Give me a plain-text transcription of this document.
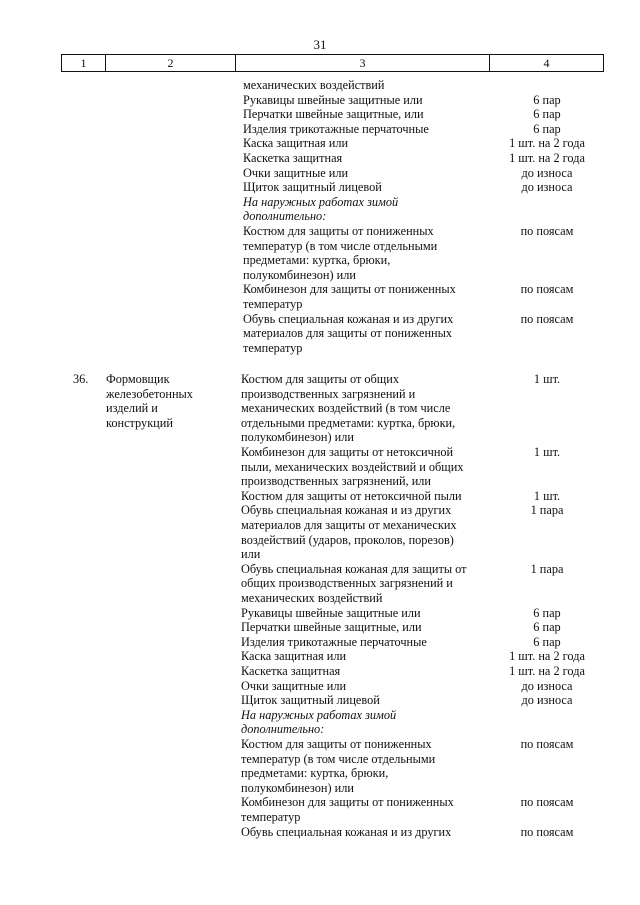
31
1	2	3	4
механических воздействий
Рукавицы швейные защитные или	6 пар
Перчатки швейные защитные, или	6 пар
Изделия трикотажные перчаточные	6 пар
Каска защитная или	1 шт. на 2 года
Каскетка защитная	1 шт. на 2 года
Очки защитные или	до износа
Щиток защитный лицевой	до износа
На наружных работах зимой
дополнительно:
Костюм для защиты от пониженных	по поясам
температур (в том числе отдельными
предметами: куртка, брюки,
полукомбинезон) или
Комбинезон для защиты от пониженных	по поясам
температур
Обувь специальная кожаная и из других	по поясам
материалов для защиты от пониженных
температур
36. Формовщик
железобетонных
изделий и
конструкций
Костюм для защиты от общих	1 шт.
производственных загрязнений и
механических воздействий (в том числе
отдельными предметами: куртка, брюки,
полукомбинезон) или
Комбинезон для защиты от нетоксичной	1 шт.
пыли, механических воздействий и общих
производственных загрязнений, или
Костюм для защиты от нетоксичной пыли	1 шт.
Обувь специальная кожаная и из других	1 пара
материалов для защиты от механических
воздействий (ударов, проколов, порезов)
или
Обувь специальная кожаная для защиты от	1 пара
общих производственных загрязнений и
механических воздействий
Рукавицы швейные защитные или	6 пар
Перчатки швейные защитные, или	6 пар
Изделия трикотажные перчаточные	6 пар
Каска защитная или	1 шт. на 2 года
Каскетка защитная	1 шт. на 2 года
Очки защитные или	до износа
Щиток защитный лицевой	до износа
На наружных работах зимой
дополнительно:
Костюм для защиты от пониженных	по поясам
температур (в том числе отдельными
предметами: куртка, брюки,
полукомбинезон) или
Комбинезон для защиты от пониженных	по поясам
температур
Обувь специальная кожаная и из других	по поясам
